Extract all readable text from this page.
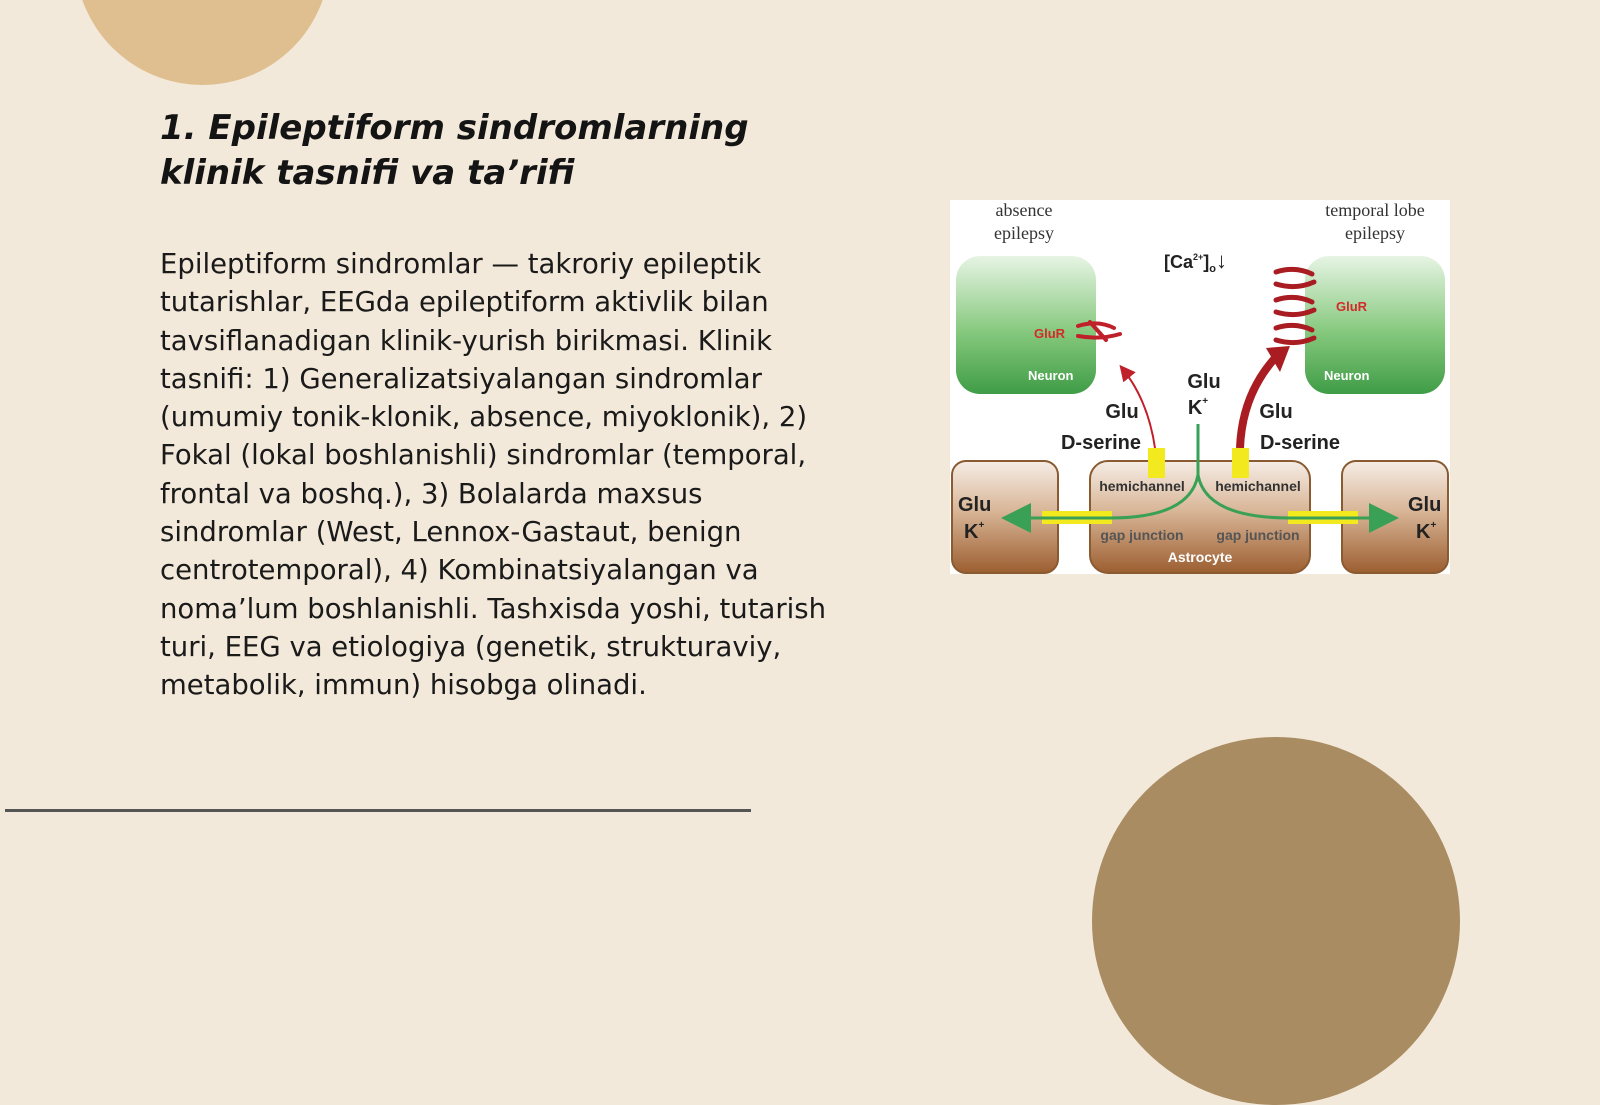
1. Epileptiform sindromlarning klinik tasnifi va ta’rifi

Epileptiform sindromlar — takroriy epileptik tutarishlar, EEGda epileptiform aktivlik bilan tavsiflanadigan klinik-yurish birikmasi. Klinik tasnifi: 1) Generalizatsiyalangan sindromlar (umumiy tonik-klonik, absence, miyoklonik), 2) Fokal (lokal boshlanishli) sindromlar (temporal, frontal va boshq.), 3) Bolalarda maxsus sindromlar (West, Lennox-Gastaut, benign centrotemporal), 4) Kombinatsiyalangan va noma’lum boshlanishli. Tashxisda yoshi, tutarish turi, EEG va etiologiya (genetik, strukturaviy, metabolik, immun) hisobga olinadi.

absence
epilepsy
temporal lobe
epilepsy
$[Ca^{2+}]_o↓$
GluR
Neuron
GluR
Neuron
Glu
K+
Glu
D-serine
Glu
D-serine
Astrocyte
hemichannel hemichannel
gap junction gap junction
Glu
K+
Glu
K+
